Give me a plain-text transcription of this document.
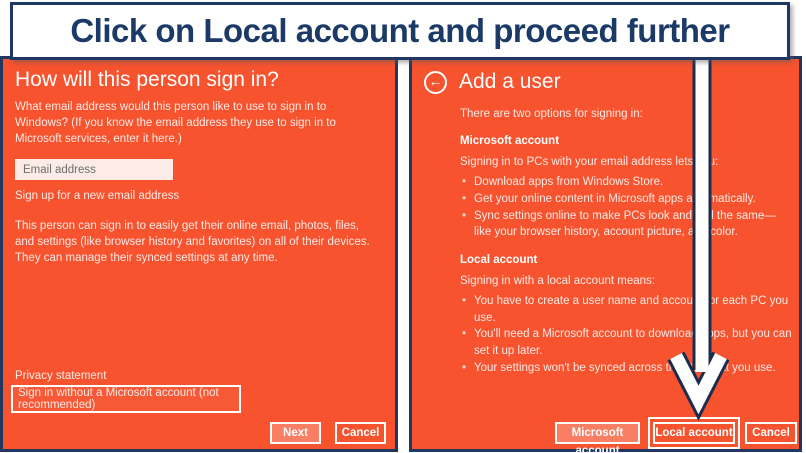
Click on Local account and proceed further
How will this person sign in?

What email address would this person like to use to sign in to Windows? (If you know the email address they use to sign in to Microsoft services, enter it here.)

Email address Sign up for a new email address

This person can sign in to easily get their online email, photos, files, and settings (like browser history and favorites) on all of their devices. They can manage their synced settings at any time.

Privacy statement
Sign in without a Microsoft account (not recommended)
Next	Cancel
← Add a user

There are two options for signing in:

Microsoft account

Signing in to PCs with your email address lets you:

• Download apps from Windows Store.
• Get your online content in Microsoft apps automatically.
• Sync settings online to make PCs look and feel the same—like your browser history, account picture, and color.
Local account

Signing in with a local account means:

• You have to create a user name and account for each PC you use.
• You'll need a Microsoft account to download apps, but you can set it up later.
• Your settings won't be synced across the PCs that you use.
Microsoft account
Local account	Cancel
